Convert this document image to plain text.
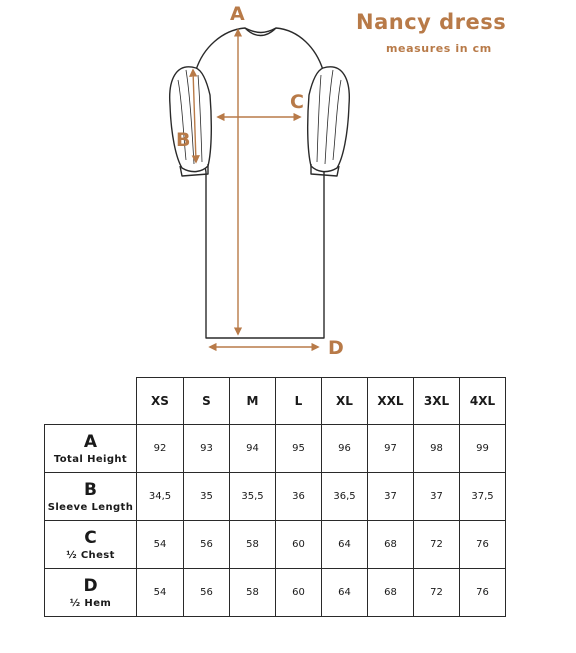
Nancy dress
measures in cm
A
B
C
D
	XS	S	M	L	XL	XXL	3XL	4XL

A
Total Height	92	93	94	95	96	97	98	99

B
Sleeve Length	34,5	35	35,5	36	36,5	37	37	37,5

C
½ Chest	54	56	58	60	64	68	72	76

D
½ Hem	54	56	58	60	64	68	72	76
